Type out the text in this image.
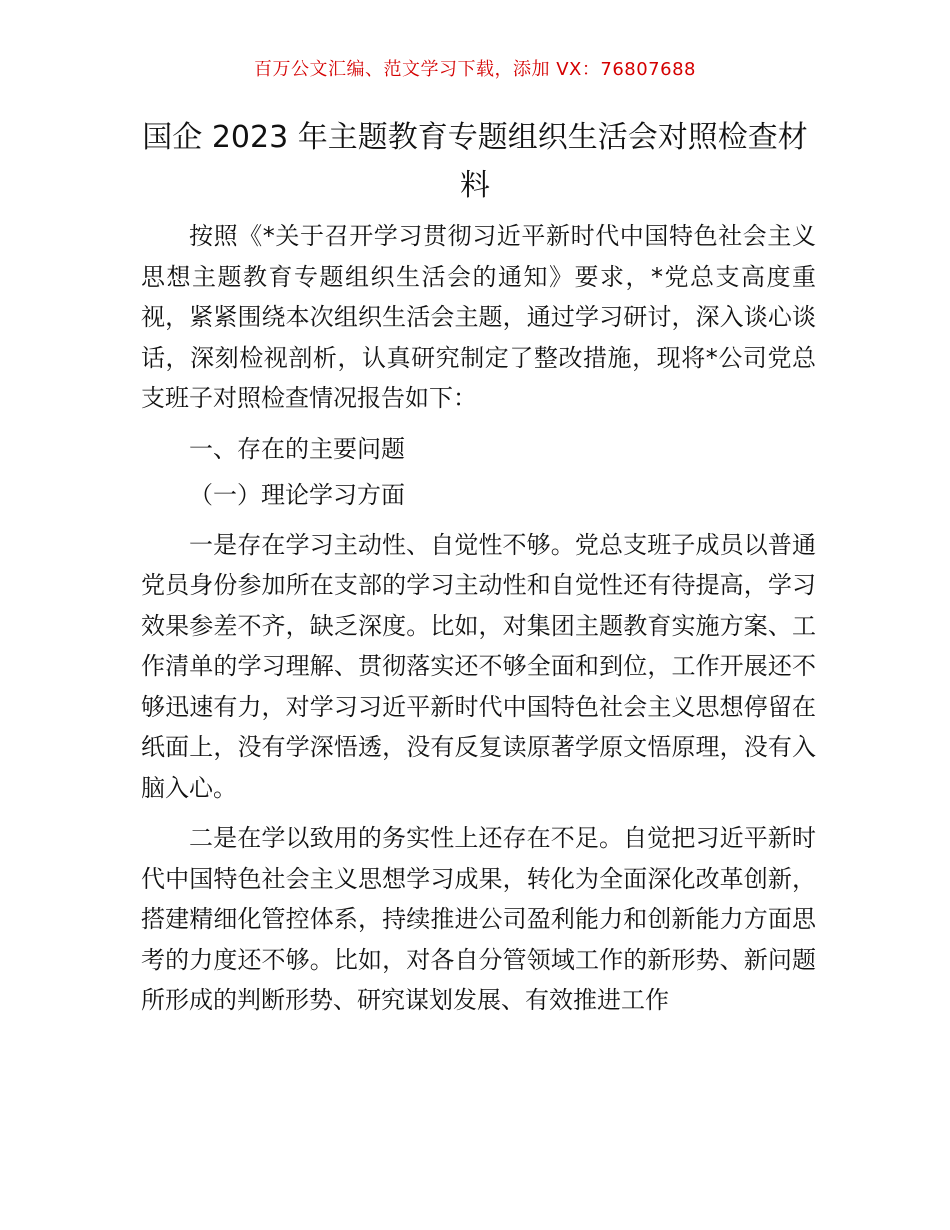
百万公文汇编、范文学习下载，添加 VX：76807688
国企 2023 年主题教育专题组织生活会对照检查材料

按照《*关于召开学习贯彻习近平新时代中国特色社会主义思想主题教育专题组织生活会的通知》要求，*党总支高度重视，紧紧围绕本次组织生活会主题，通过学习研讨，深入谈心谈话，深刻检视剖析，认真研究制定了整改措施，现将*公司党总支班子对照检查情况报告如下：

一、存在的主要问题

（一）理论学习方面

一是存在学习主动性、自觉性不够。党总支班子成员以普通党员身份参加所在支部的学习主动性和自觉性还有待提高，学习效果参差不齐，缺乏深度。比如，对集团主题教育实施方案、工作清单的学习理解、贯彻落实还不够全面和到位，工作开展还不够迅速有力，对学习习近平新时代中国特色社会主义思想停留在纸面上，没有学深悟透，没有反复读原著学原文悟原理，没有入脑入心。

二是在学以致用的务实性上还存在不足。自觉把习近平新时代中国特色社会主义思想学习成果，转化为全面深化改革创新，搭建精细化管控体系，持续推进公司盈利能力和创新能力方面思考的力度还不够。比如，对各自分管领域工作的新形势、新问题所形成的判断形势、研究谋划发展、有效推进工作
